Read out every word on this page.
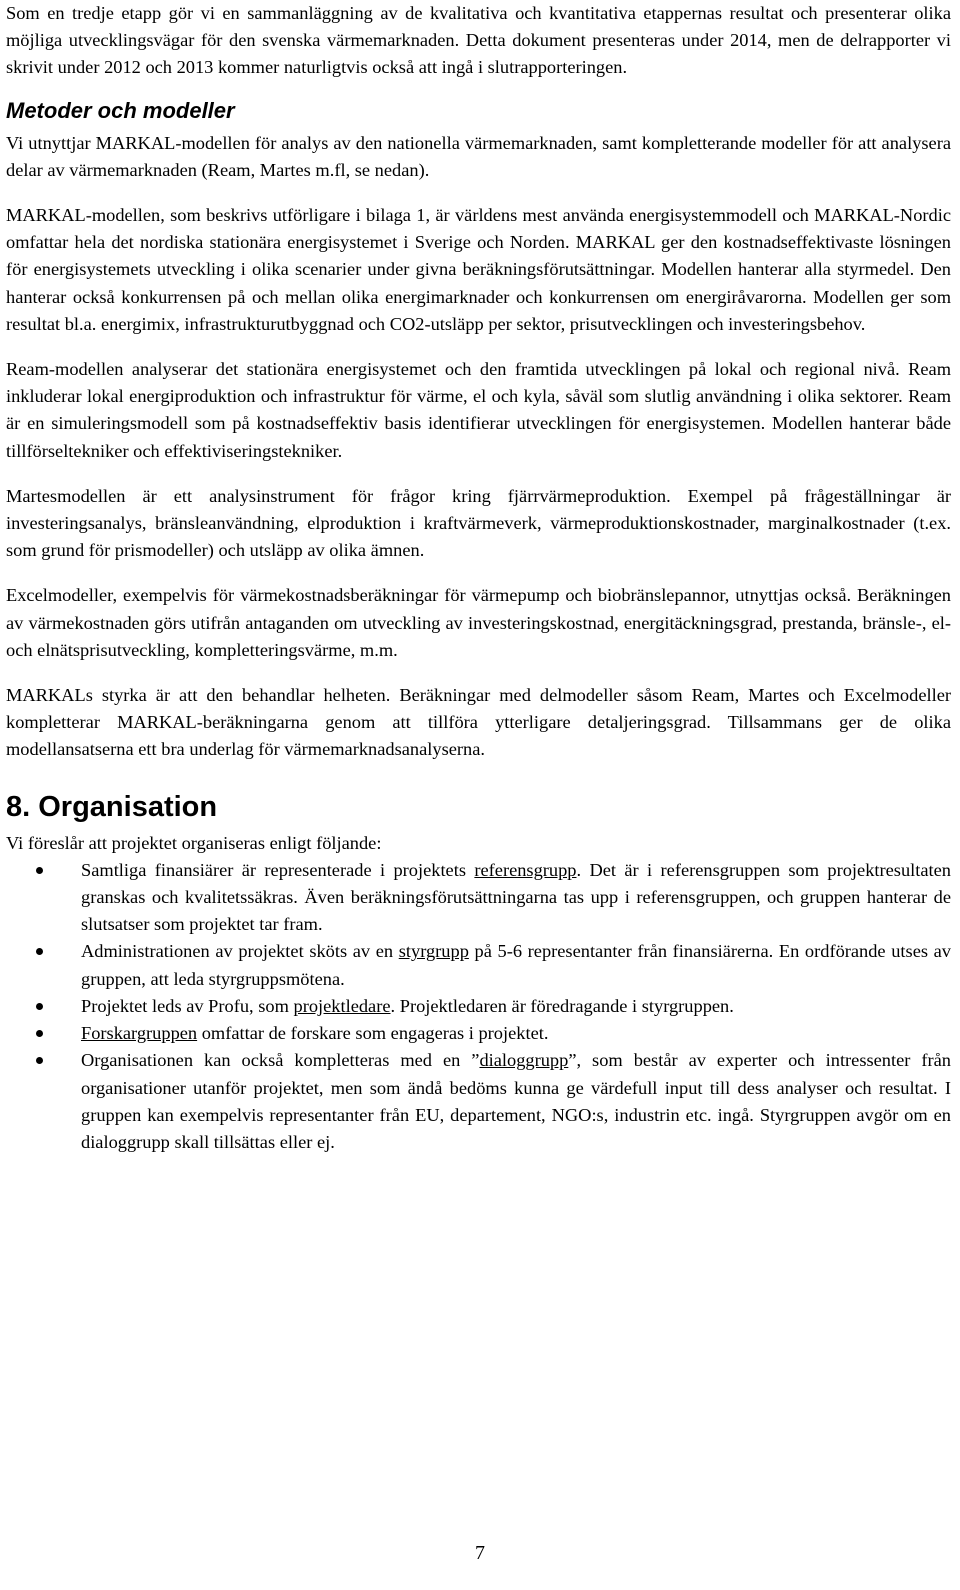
Som en tredje etapp gör vi en sammanläggning av de kvalitativa och kvantitativa etappernas resultat och presenterar olika möjliga utvecklingsvägar för den svenska värmemarknaden. Detta dokument presenteras under 2014, men de delrapporter vi skrivit under 2012 och 2013 kommer naturligtvis också att ingå i slutrapporteringen.

Metoder och modeller

Vi utnyttjar MARKAL-modellen för analys av den nationella värmemarknaden, samt kompletterande modeller för att analysera delar av värmemarknaden (Ream, Martes m.fl, se nedan).

MARKAL-modellen, som beskrivs utförligare i bilaga 1, är världens mest använda energisystemmodell och MARKAL-Nordic omfattar hela det nordiska stationära energisystemet i Sverige och Norden. MARKAL ger den kostnadseffektivaste lösningen för energisystemets utveckling i olika scenarier under givna beräkningsförutsättningar. Modellen hanterar alla styrmedel. Den hanterar också konkurrensen på och mellan olika energimarknader och konkurrensen om energiråvarorna. Modellen ger som resultat bl.a. energimix, infrastrukturutbyggnad och CO2-utsläpp per sektor, prisutvecklingen och investeringsbehov.

Ream-modellen analyserar det stationära energisystemet och den framtida utvecklingen på lokal och regional nivå. Ream inkluderar lokal energiproduktion och infrastruktur för värme, el och kyla, såväl som slutlig användning i olika sektorer. Ream är en simuleringsmodell som på kostnadseffektiv basis identifierar utvecklingen för energisystemen. Modellen hanterar både tillförseltekniker och effektiviseringstekniker.

Martesmodellen är ett analysinstrument för frågor kring fjärrvärmeproduktion. Exempel på frågeställningar är investeringsanalys, bränsleanvändning, elproduktion i kraftvärmeverk, värmeproduktionskostnader, marginalkostnader (t.ex. som grund för prismodeller) och utsläpp av olika ämnen.

Excelmodeller, exempelvis för värmekostnadsberäkningar för värmepump och biobränslepannor, utnyttjas också. Beräkningen av värmekostnaden görs utifrån antaganden om utveckling av investeringskostnad, energitäckningsgrad, prestanda, bränsle-, el- och elnätsprisutveckling, kompletteringsvärme, m.m.

MARKALs styrka är att den behandlar helheten. Beräkningar med delmodeller såsom Ream, Martes och Excelmodeller kompletterar MARKAL-beräkningarna genom att tillföra ytterligare detaljeringsgrad. Tillsammans ger de olika modellansatserna ett bra underlag för värmemarknadsanalyserna.

8. Organisation

Vi föreslår att projektet organiseras enligt följande:

Samtliga finansiärer är representerade i projektets referensgrupp. Det är i referensgruppen som projektresultaten granskas och kvalitetssäkras. Även beräkningsförutsättningarna tas upp i referensgruppen, och gruppen hanterar de slutsatser som projektet tar fram.
Administrationen av projektet sköts av en styrgrupp på 5-6 representanter från finansiärerna. En ordförande utses av gruppen, att leda styrgruppsmötena.
Projektet leds av Profu, som projektledare. Projektledaren är föredragande i styrgruppen.
Forskargruppen omfattar de forskare som engageras i projektet.
Organisationen kan också kompletteras med en ”dialoggrupp”, som består av experter och intressenter från organisationer utanför projektet, men som ändå bedöms kunna ge värdefull input till dess analyser och resultat. I gruppen kan exempelvis representanter från EU, departement, NGO:s, industrin etc. ingå. Styrgruppen avgör om en dialoggrupp skall tillsättas eller ej.
7
